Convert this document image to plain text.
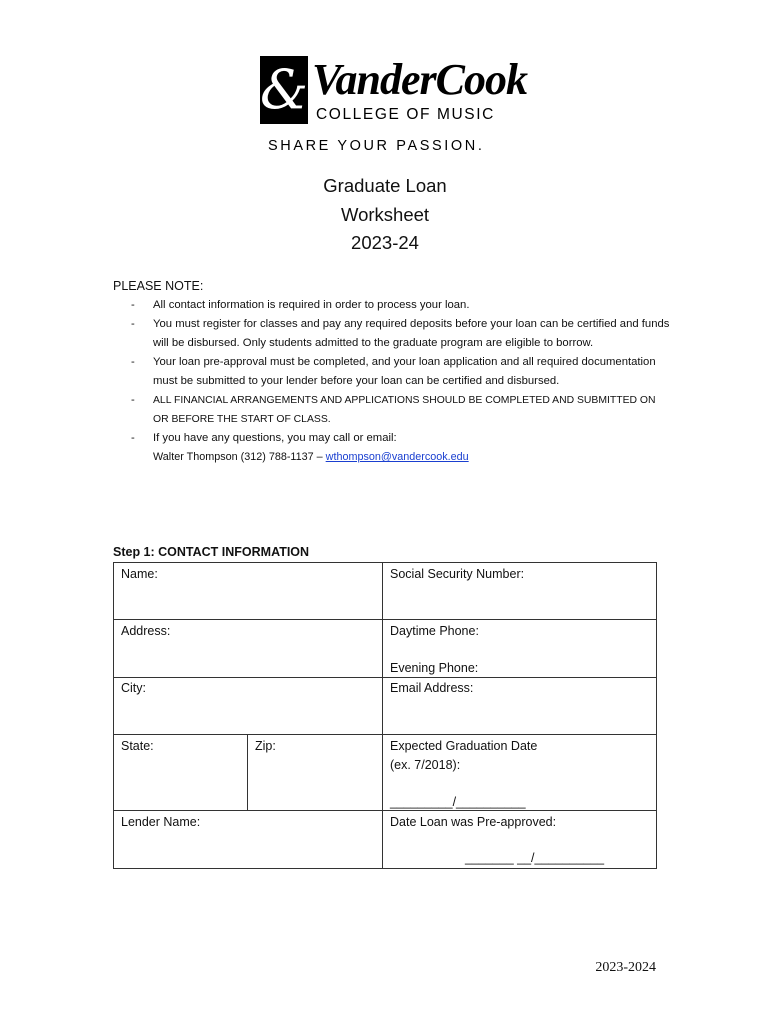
& VanderCook
COLLEGE OF MUSIC
SHARE YOUR PASSION.
Graduate Loan
Worksheet
2023-24
PLEASE NOTE:
- All contact information is required in order to process your loan.
- You must register for classes and pay any required deposits before your loan can be certified and funds will be disbursed. Only students admitted to the graduate program are eligible to borrow.
- Your loan pre-approval must be completed, and your loan application and all required documentation must be submitted to your lender before your loan can be certified and disbursed.
- ALL FINANCIAL ARRANGEMENTS AND APPLICATIONS SHOULD BE COMPLETED AND SUBMITTED ON OR BEFORE THE START OF CLASS.
- If you have any questions, you may call or email:
Walter Thompson (312) 788-1137 – wthompson@vandercook.edu
Step 1: CONTACT INFORMATION
Name:	Social Security Number:
Address:	Daytime Phone:
Evening Phone:
City:	Email Address:
State:	Zip:	Expected Graduation Date
(ex. 7/2018):
_________/__________
Lender Name:	Date Loan was Pre-approved:
_______ __/__________
2023-2024
